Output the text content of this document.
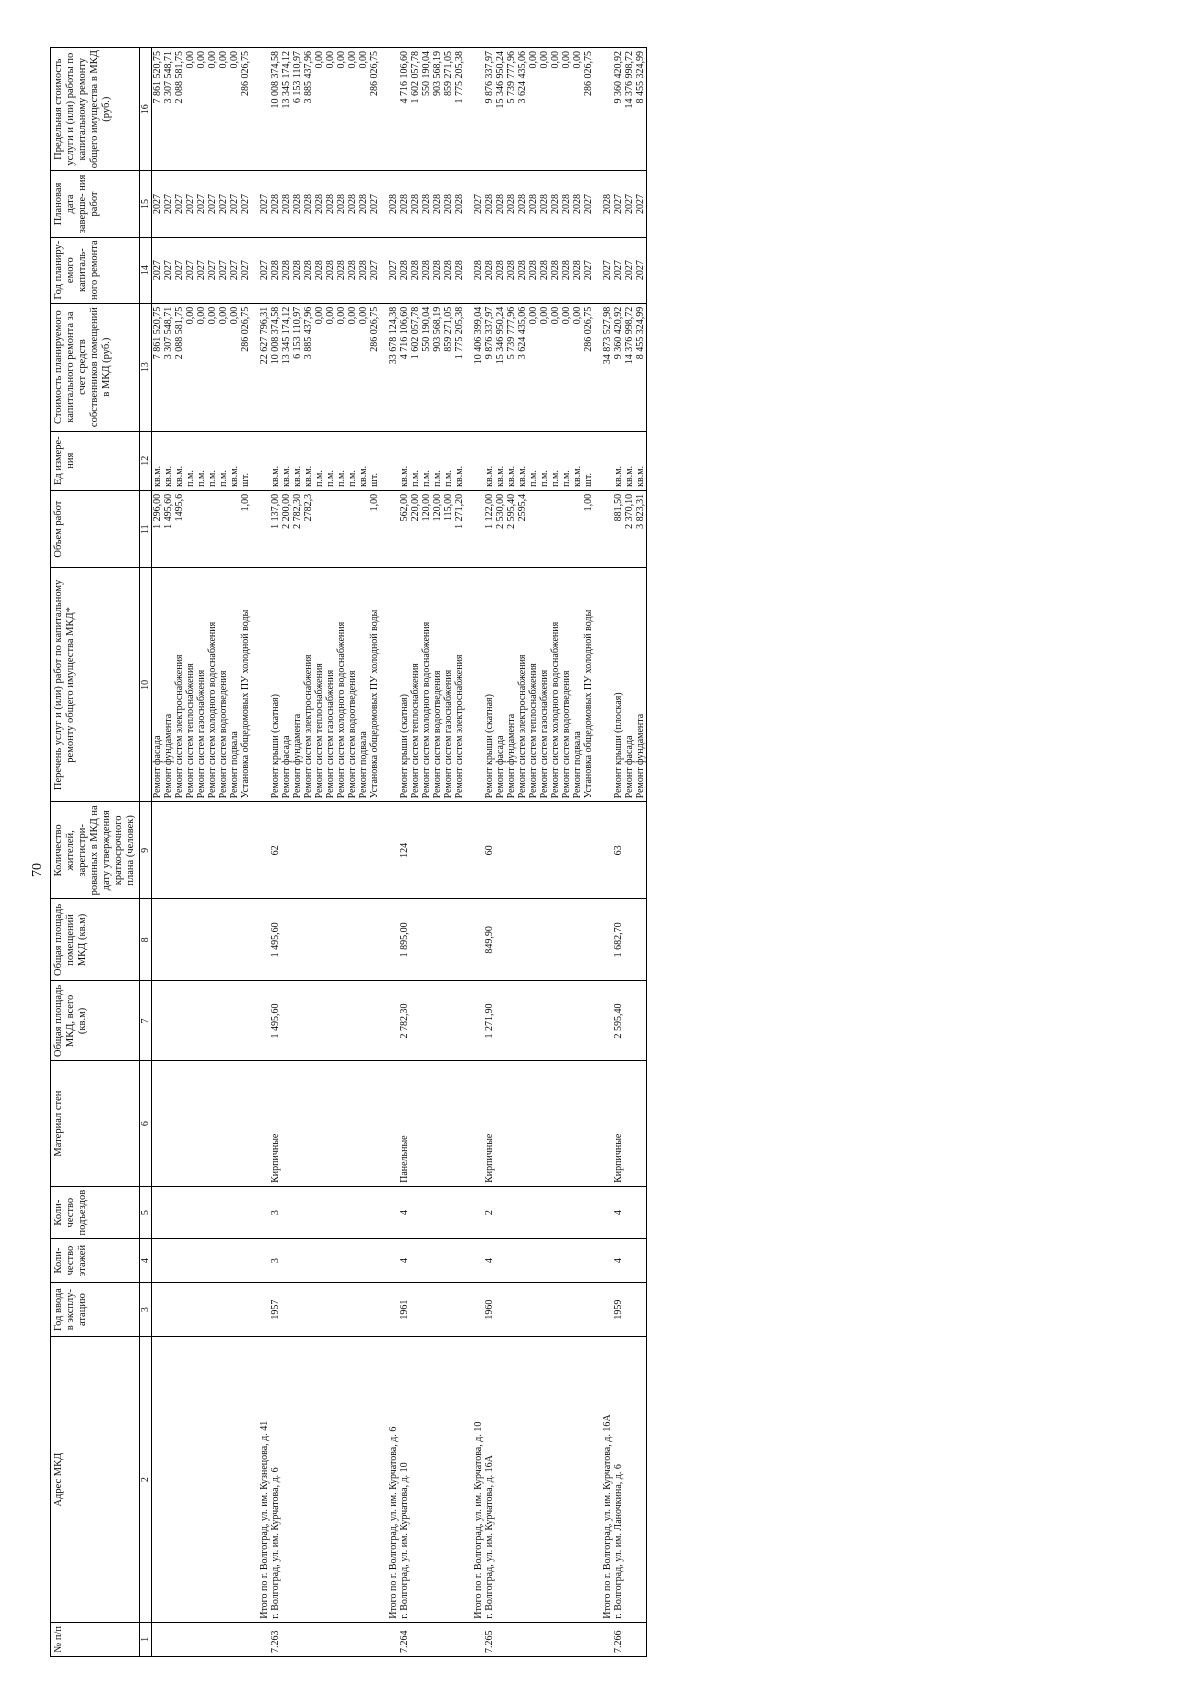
70
№ п/п	Адрес МКД	Год ввода в эксплу- атацию	Коли- чество этажей	Коли- чество подъездов	Материал стен	Общая площадь МКД, всего (кв.м)	Общая площадь помещений МКД (кв.м)	Количество жителей, зарегистри- рованных в МКД на дату утверждения краткосрочного плана (человек)	Перечень услуг и (или) работ по капитальному ремонту общего имущества МКД*	Объем работ	Ед измере- ния	Стоимость планируемого капитального ремонта за счет средств собственников помещений в МКД (руб.)	Год планиру- емого капиталь- ного ремонта	Плановая дата заверше- ния работ	Предельная стоимость услуги и (или) работы по капитальному ремонту общего имущества в МКД (руб.)
1	2	3	4	5	6	7	8	9	10	11	12	13	14	15	16
									Ремонт фасада	1 296,00	кв.м.	7 861 520,75	2027	2027	7 861 520,75
									Ремонт фундамента	1 495,60	кв.м.	3 307 548,71	2027	2027	3 307 548,71
									Ремонт систем электроснабжения	1495,6	кв.м.	2 088 581,75	2027	2027	2 088 581,75
									Ремонт систем теплоснабжения		п.м.	0,00	2027	2027	0,00
									Ремонт систем газоснабжения		п.м.	0,00	2027	2027	0,00
									Ремонт систем холодного водоснабжения		п.м.	0,00	2027	2027	0,00
									Ремонт систем водоотведения		п.м.	0,00	2027	2027	0,00
									Ремонт подвала		кв.м.	0,00	2027	2027	0,00
									Установка общедомовых ПУ холодной воды	1,00	шт.	286 026,75	2027	2027	286 026,75

	Итого по г. Волгоград, ул. им. Кузнецова, д. 41											22 627 796,31	2027	2027	
7.263	г. Волгоград, ул. им. Курчатова, д. 6	1957	3	3	Кирпичные	1 495,60	1 495,60	62	Ремонт крыши (скатная)	1 137,00	кв.м.	10 008 374,58	2028	2028	10 008 374,58
									Ремонт фасада	2 200,00	кв.м.	13 345 174,12	2028	2028	13 345 174,12
									Ремонт фундамента	2 782,30	кв.м.	6 153 110,97	2028	2028	6 153 110,97
									Ремонт систем электроснабжения	2782,3	кв.м.	3 885 437,96	2028	2028	3 885 437,96
									Ремонт систем теплоснабжения		п.м.	0,00	2028	2028	0,00
									Ремонт систем газоснабжения		п.м.	0,00	2028	2028	0,00
									Ремонт систем холодного водоснабжения		п.м.	0,00	2028	2028	0,00
									Ремонт систем водоотведения		п.м.	0,00	2028	2028	0,00
									Ремонт подвала		кв.м.	0,00	2028	2028	0,00
									Установка общедомовых ПУ холодной воды	1,00	шт.	286 026,75	2027	2027	286 026,75

	Итого по г. Волгоград, ул. им. Курчатова, д. 6											33 678 124,38	2027	2028	
7.264	г. Волгоград, ул. им. Курчатова, д. 10	1961	4	4	Панельные	2 782,30	1 895,00	124	Ремонт крыши (скатная)	562,00	кв.м.	4 716 106,60	2028	2028	4 716 106,60
									Ремонт систем теплоснабжения	220,00	п.м.	1 602 057,78	2028	2028	1 602 057,78
									Ремонт систем холодного водоснабжения	120,00	п.м.	550 190,04	2028	2028	550 190,04
									Ремонт систем водоотведения	120,00	п.м.	903 568,19	2028	2028	903 568,19
									Ремонт систем газоснабжения	115,00	п.м.	859 271,05	2028	2028	859 271,05
									Ремонт систем электроснабжения	1 271,20	кв.м.	1 775 205,38	2028	2028	1 775 205,38

	Итого по г. Волгоград, ул. им. Курчатова, д. 10											10 406 399,04	2028	2027	
7.265	г. Волгоград, ул. им. Курчатова, д. 16А	1960	4	2	Кирпичные	1 271,90	849,90	60	Ремонт крыши (скатная)	1 122,00	кв.м.	9 876 337,97	2028	2028	9 876 337,97
									Ремонт фасада	2 530,00	кв.м.	15 346 950,24	2028	2028	15 346 950,24
									Ремонт фундамента	2 595,40	кв.м.	5 739 777,96	2028	2028	5 739 777,96
									Ремонт систем электроснабжения	2595,4	кв.м.	3 624 435,06	2028	2028	3 624 435,06
									Ремонт систем теплоснабжения		п.м.	0,00	2028	2028	0,00
									Ремонт систем газоснабжения		п.м.	0,00	2028	2028	0,00
									Ремонт систем холодного водоснабжения		п.м.	0,00	2028	2028	0,00
									Ремонт систем водоотведения		п.м.	0,00	2028	2028	0,00
									Ремонт подвала		кв.м.	0,00	2028	2028	0,00
									Установка общедомовых ПУ холодной воды	1,00	шт.	286 026,75	2027	2027	286 026,75

	Итого по г. Волгоград, ул. им. Курчатова, д. 16А											34 873 527,98	2027	2028	
7.266	г. Волгоград, ул. им. Ланочкина, д. 6	1959	4	4	Кирпичные	2 595,40	1 682,70	63	Ремонт крыши (плоская)	881,50	кв.м.	9 360 420,92	2027	2027	9 360 420,92
									Ремонт фасада	2 370,10	кв.м.	14 376 998,72	2027	2027	14 376 998,72
									Ремонт фундамента	3 823,31	кв.м.	8 455 324,99	2027	2027	8 455 324,99
